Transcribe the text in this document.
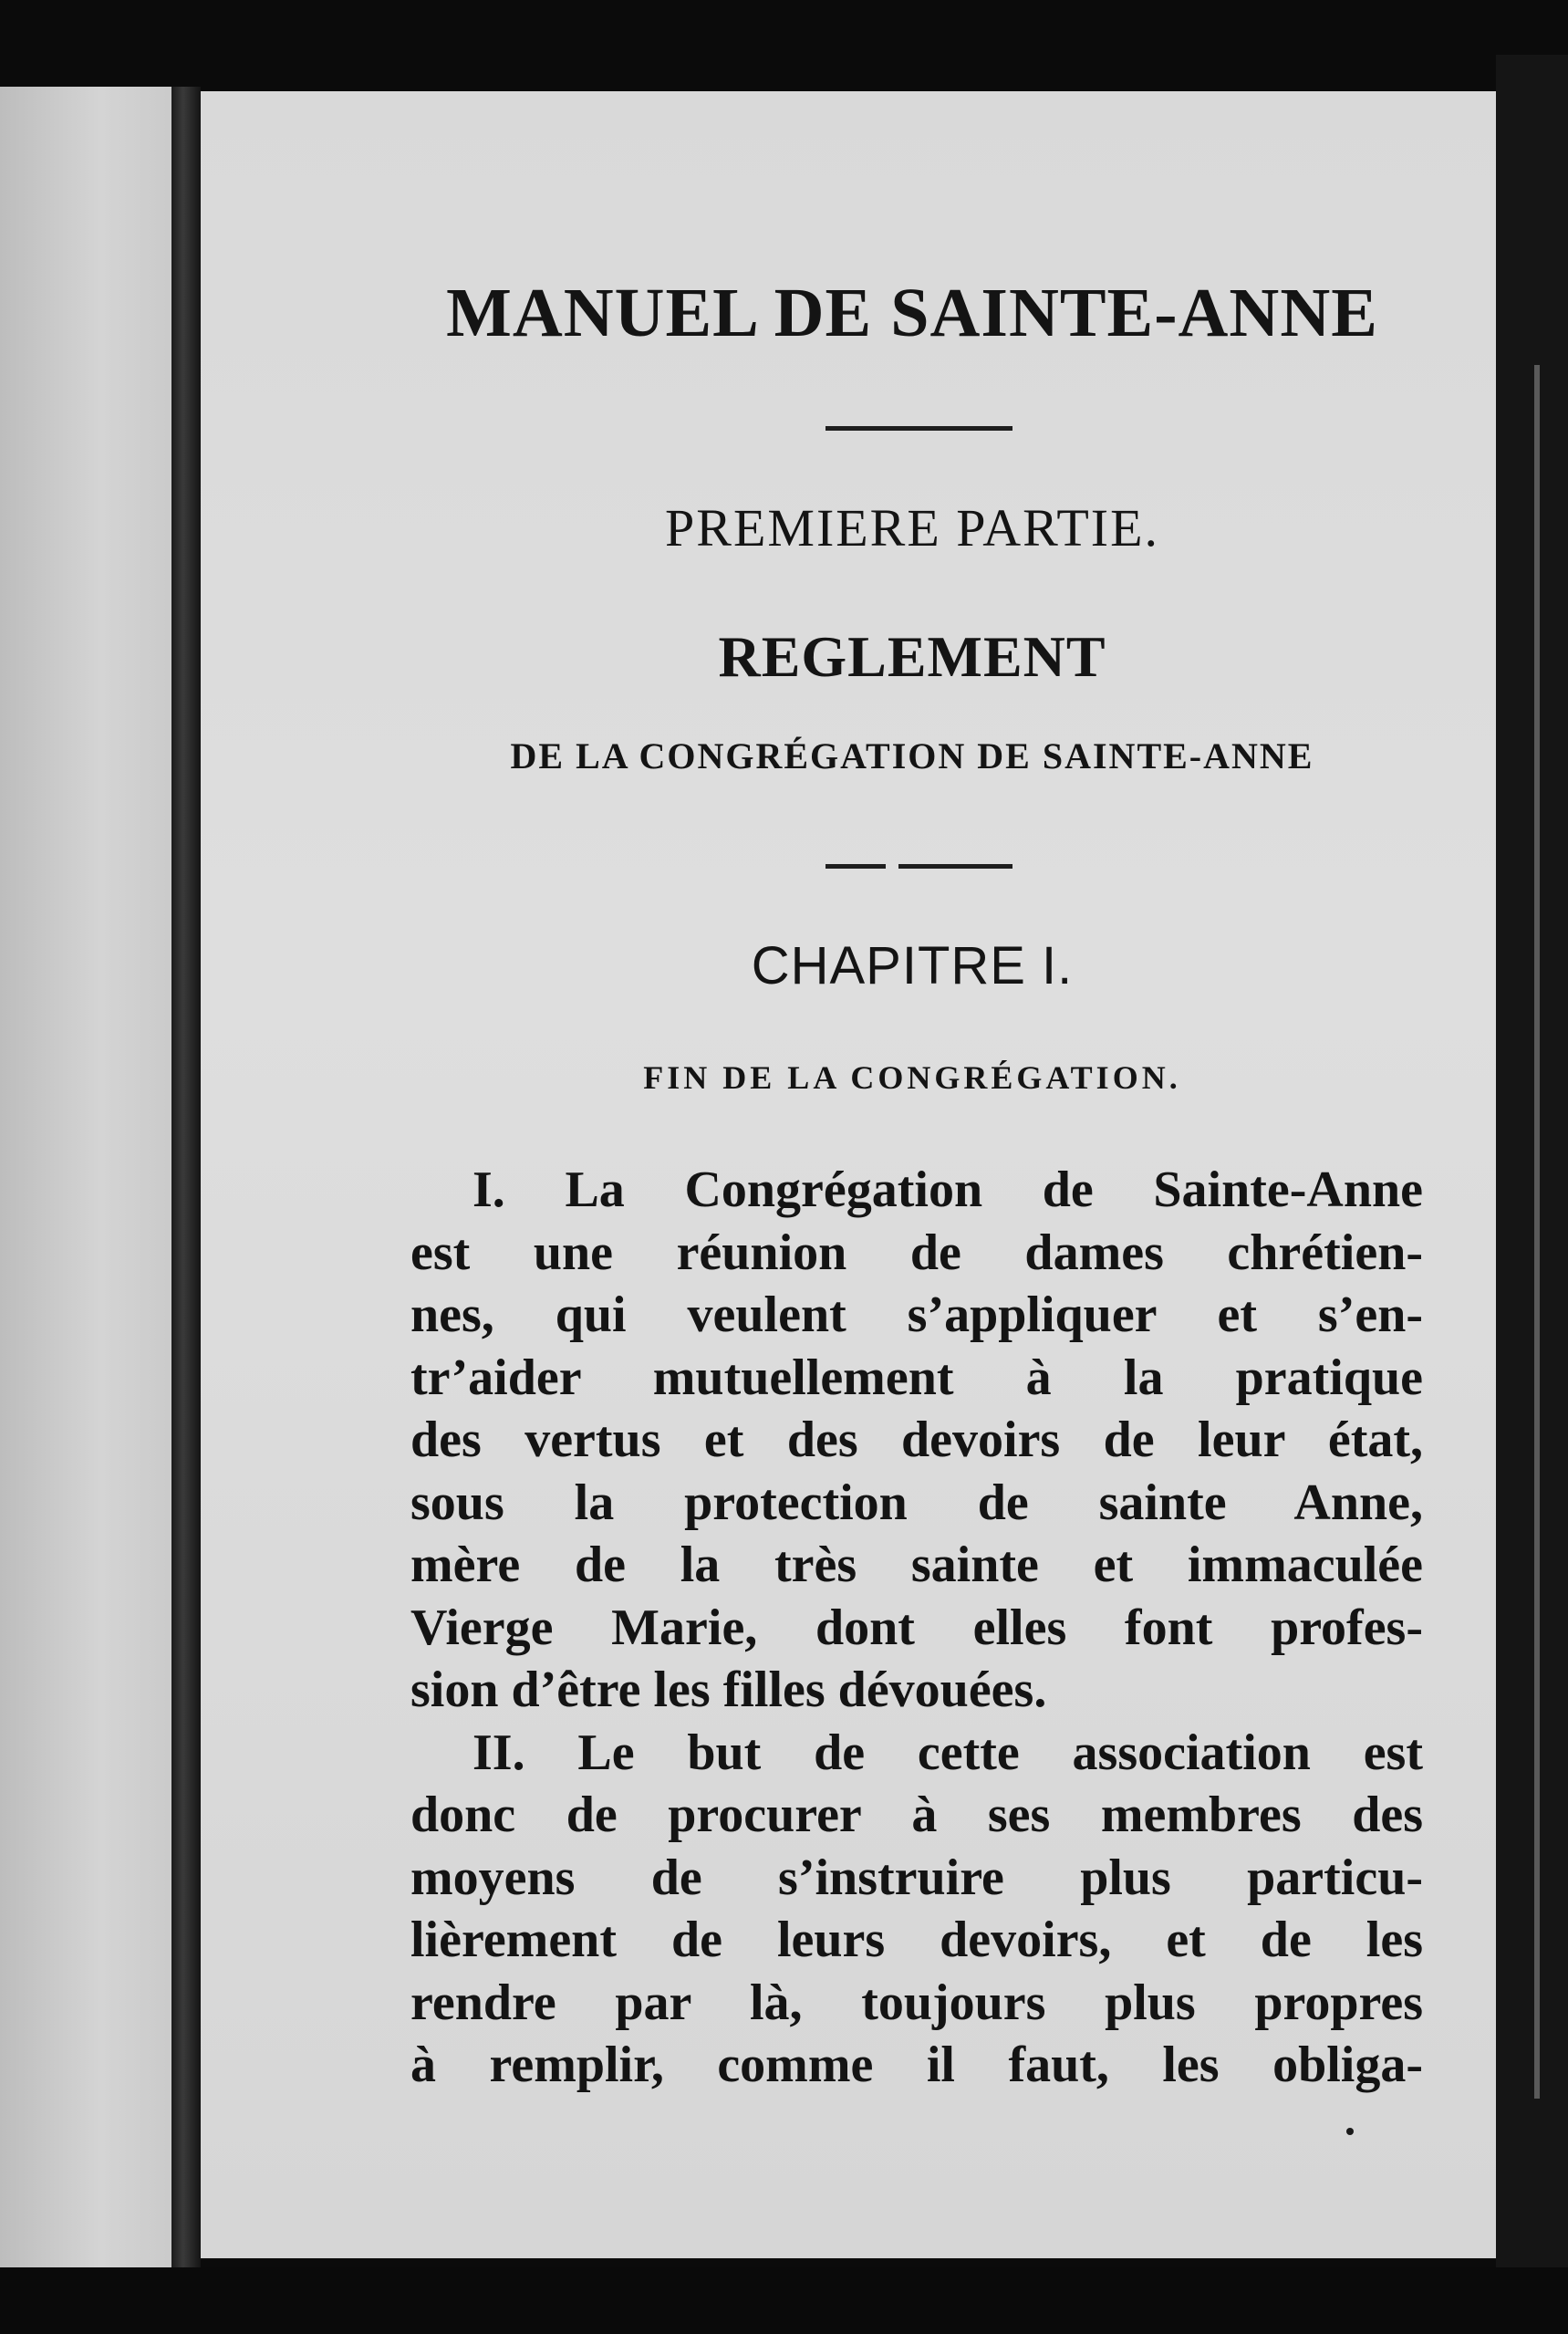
MANUEL DE SAINTE-ANNE
PREMIERE PARTIE.
REGLEMENT
DE LA CONGRÉGATION DE SAINTE-ANNE
CHAPITRE I.
FIN DE LA CONGRÉGATION.
I. La Congrégation de Sainte-Anne
est une réunion de dames chrétien-
nes, qui veulent s’appliquer et s’en-
tr’aider mutuellement à la pratique
des vertus et des devoirs de leur état,
sous la protection de sainte Anne,
mère de la très sainte et immaculée
Vierge Marie, dont elles font profes-
sion d’être les filles dévouées.
II. Le but de cette association est
donc de procurer à ses membres des
moyens de s’instruire plus particu-
lièrement de leurs devoirs, et de les
rendre par là, toujours plus propres
à remplir, comme il faut, les obliga-
